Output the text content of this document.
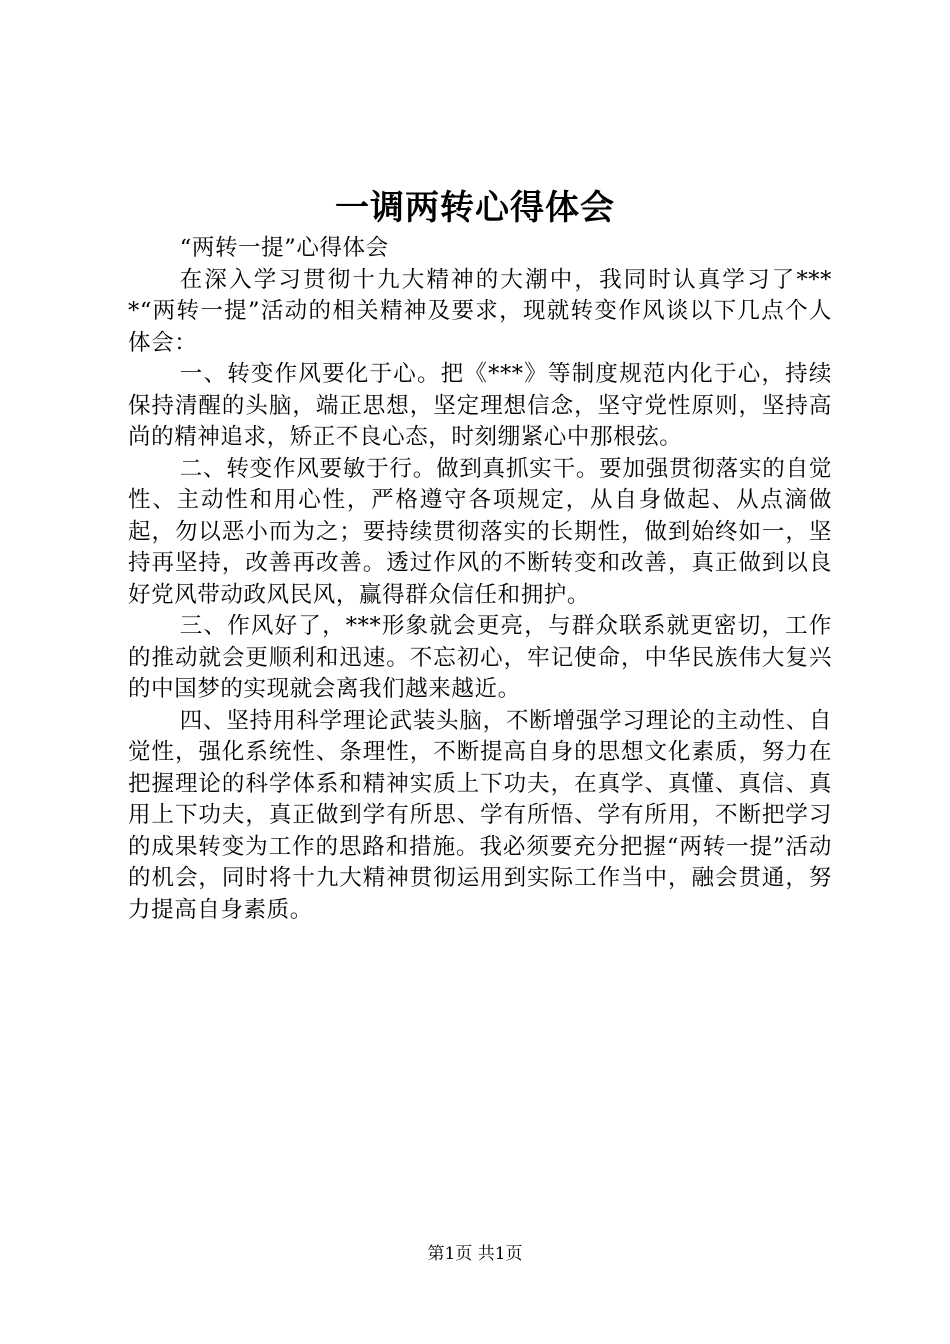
一调两转心得体会

“两转一提”心得体会

在深入学习贯彻十九大精神的大潮中，我同时认真学习了****“两转一提”活动的相关精神及要求，现就转变作风谈以下几点个人体会：

一、转变作风要化于心。把《***》等制度规范内化于心，持续保持清醒的头脑，端正思想，坚定理想信念，坚守党性原则，坚持高尚的精神追求，矫正不良心态，时刻绷紧心中那根弦。

二、转变作风要敏于行。做到真抓实干。要加强贯彻落实的自觉性、主动性和用心性，严格遵守各项规定，从自身做起、从点滴做起，勿以恶小而为之；要持续贯彻落实的长期性，做到始终如一，坚持再坚持，改善再改善。透过作风的不断转变和改善，真正做到以良好党风带动政风民风，赢得群众信任和拥护。

三、作风好了，***形象就会更亮，与群众联系就更密切，工作的推动就会更顺利和迅速。不忘初心，牢记使命，中华民族伟大复兴的中国梦的实现就会离我们越来越近。

四、坚持用科学理论武装头脑，不断增强学习理论的主动性、自觉性，强化系统性、条理性，不断提高自身的思想文化素质，努力在把握理论的科学体系和精神实质上下功夫，在真学、真懂、真信、真用上下功夫，真正做到学有所思、学有所悟、学有所用，不断把学习的成果转变为工作的思路和措施。我必须要充分把握“两转一提”活动的机会，同时将十九大精神贯彻运用到实际工作当中，融会贯通，努力提高自身素质。

第1页 共1页
